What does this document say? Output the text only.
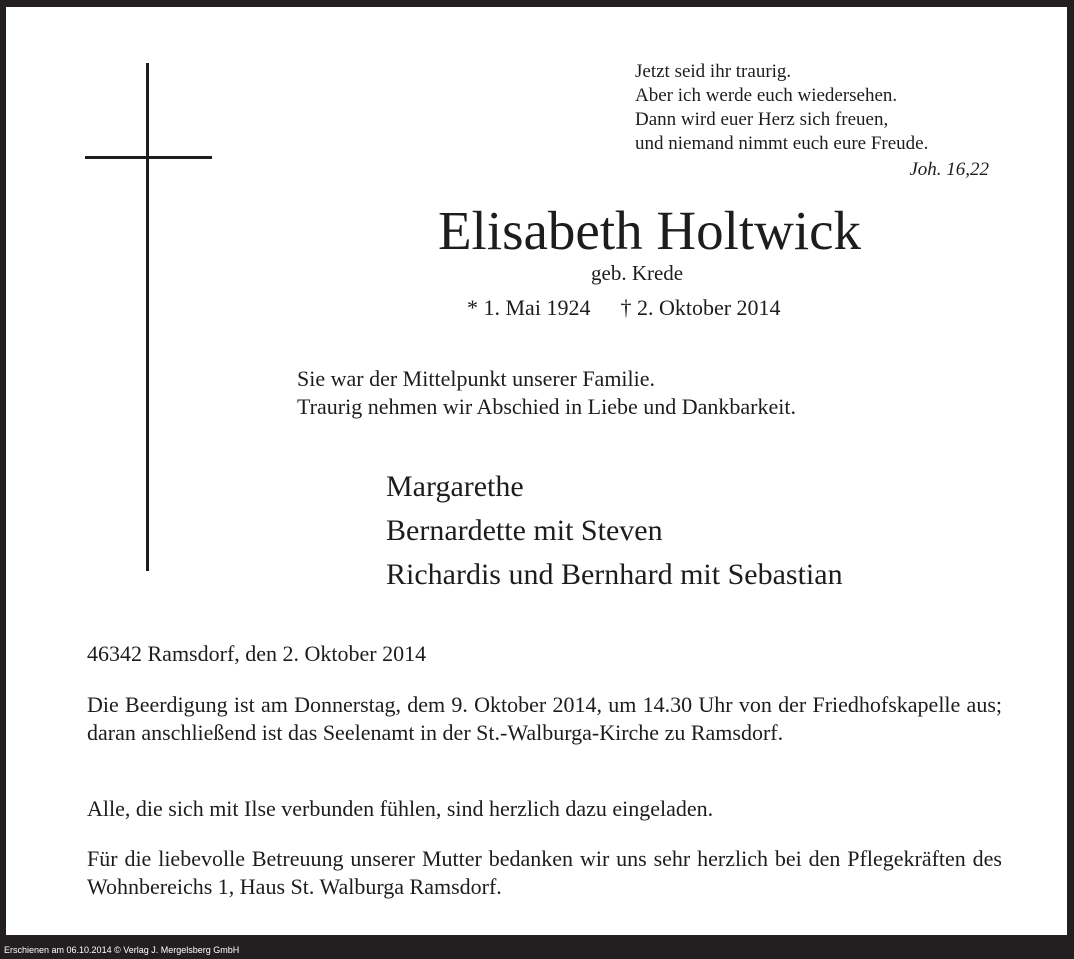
Jetzt seid ihr traurig.
Aber ich werde euch wiedersehen.
Dann wird euer Herz sich freuen,
und niemand nimmt euch eure Freude.
Joh. 16,22
Elisabeth Holtwick
geb. Krede
* 1. Mai 1924 † 2. Oktober 2014
Sie war der Mittelpunkt unserer Familie.
Traurig nehmen wir Abschied in Liebe und Dankbarkeit.
Margarethe
Bernardette mit Steven
Richardis und Bernhard mit Sebastian
46342 Ramsdorf, den 2. Oktober 2014
Die Beerdigung ist am Donnerstag, dem 9. Oktober 2014, um 14.30 Uhr von der Friedhofskapelle aus; daran anschließend ist das Seelenamt in der St.-Walburga-Kirche zu Ramsdorf.
Alle, die sich mit Ilse verbunden fühlen, sind herzlich dazu eingeladen.
Für die liebevolle Betreuung unserer Mutter bedanken wir uns sehr herzlich bei den Pflegekräften des Wohnbereichs 1, Haus St. Walburga Ramsdorf.
Erschienen am 06.10.2014 © Verlag J. Mergelsberg GmbH
